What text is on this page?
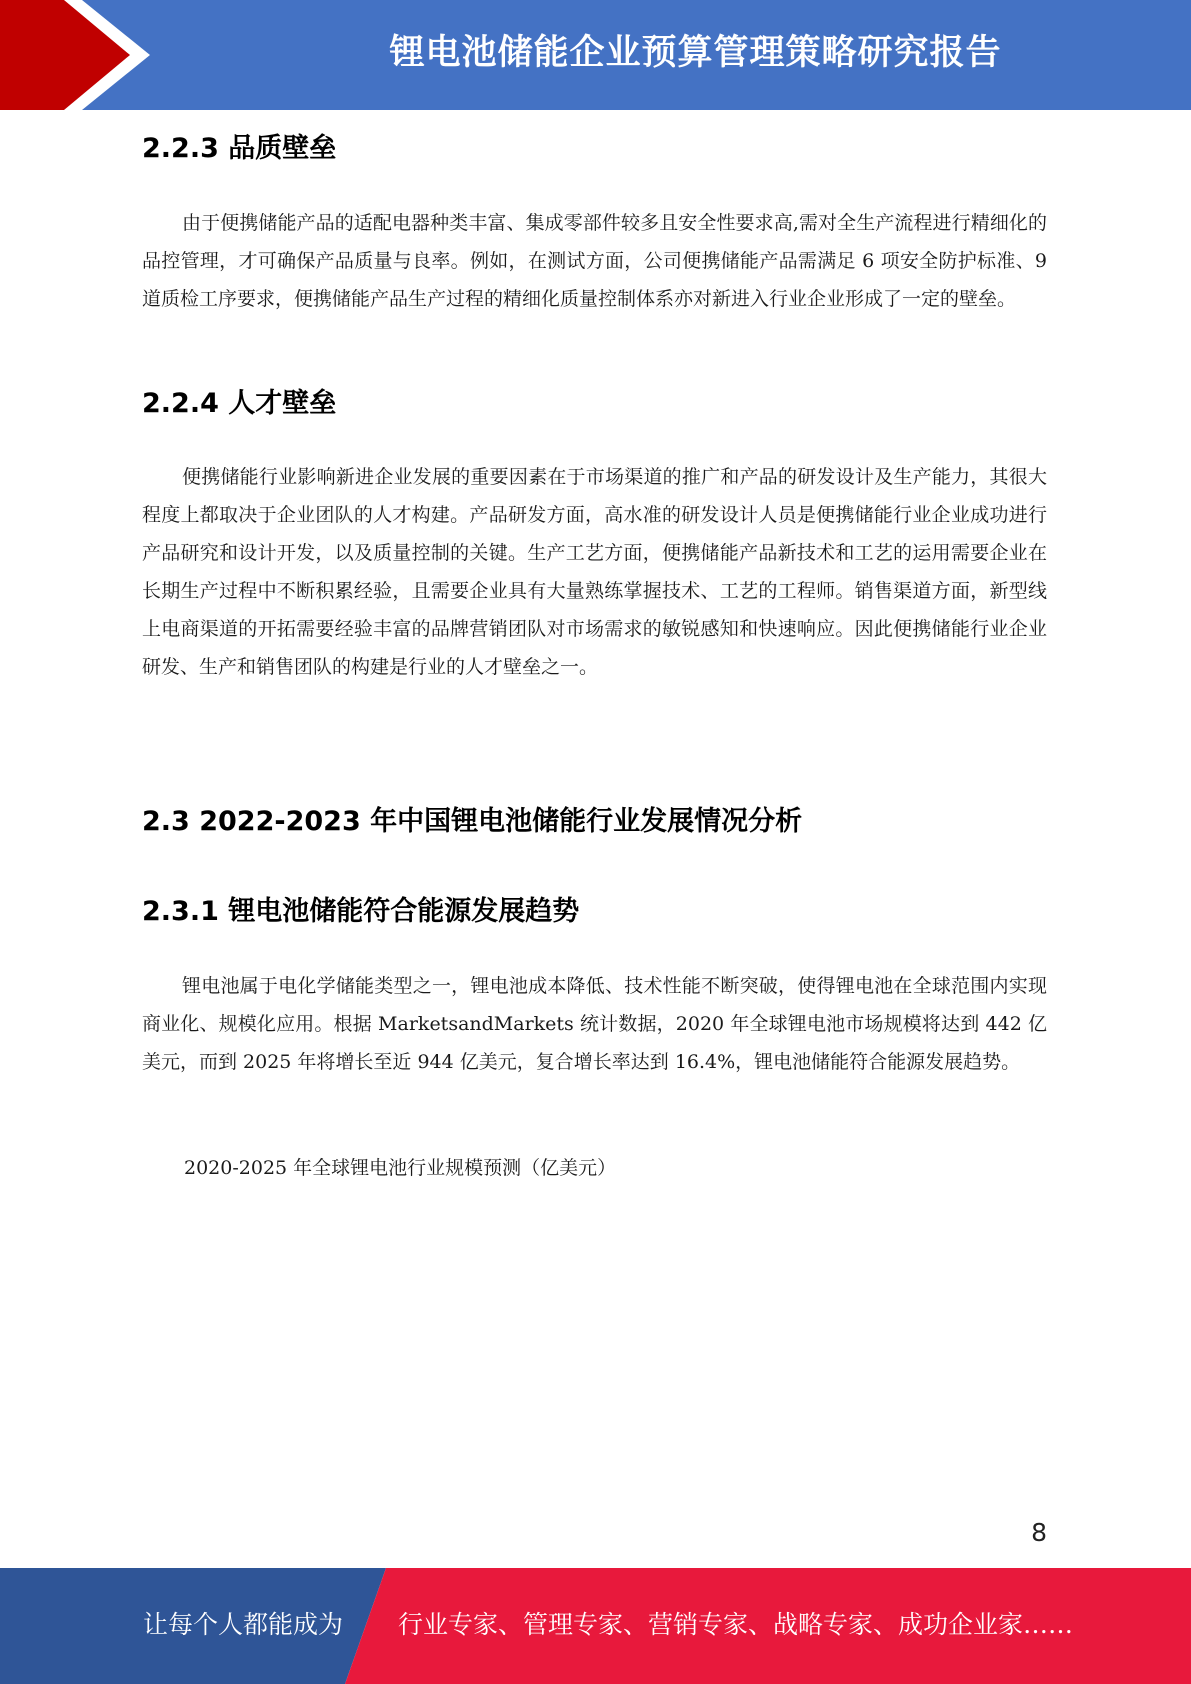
锂电池储能企业预算管理策略研究报告
2.2.3 品质壁垒

由于便携储能产品的适配电器种类丰富、集成零部件较多且安全性要求高,需对全生产流程进行精细化的品控管理，才可确保产品质量与良率。例如，在测试方面，公司便携储能产品需满足 6 项安全防护标准、9 道质检工序要求，便携储能产品生产过程的精细化质量控制体系亦对新进入行业企业形成了一定的壁垒。

2.2.4 人才壁垒

便携储能行业影响新进企业发展的重要因素在于市场渠道的推广和产品的研发设计及生产能力，其很大程度上都取决于企业团队的人才构建。产品研发方面，高水准的研发设计人员是便携储能行业企业成功进行产品研究和设计开发，以及质量控制的关键。生产工艺方面，便携储能产品新技术和工艺的运用需要企业在长期生产过程中不断积累经验，且需要企业具有大量熟练掌握技术、工艺的工程师。销售渠道方面，新型线上电商渠道的开拓需要经验丰富的品牌营销团队对市场需求的敏锐感知和快速响应。因此便携储能行业企业研发、生产和销售团队的构建是行业的人才壁垒之一。

2.3 2022-2023 年中国锂电池储能行业发展情况分析
2.3.1 锂电池储能符合能源发展趋势

锂电池属于电化学储能类型之一，锂电池成本降低、技术性能不断突破，使得锂电池在全球范围内实现商业化、规模化应用。根据 MarketsandMarkets 统计数据，2020 年全球锂电池市场规模将达到 442 亿美元，而到 2025 年将增长至近 944 亿美元，复合增长率达到 16.4%，锂电池储能符合能源发展趋势。

2020-2025 年全球锂电池行业规模预测（亿美元）
8
让每个人都能成为 行业专家、管理专家、营销专家、战略专家、成功企业家……
